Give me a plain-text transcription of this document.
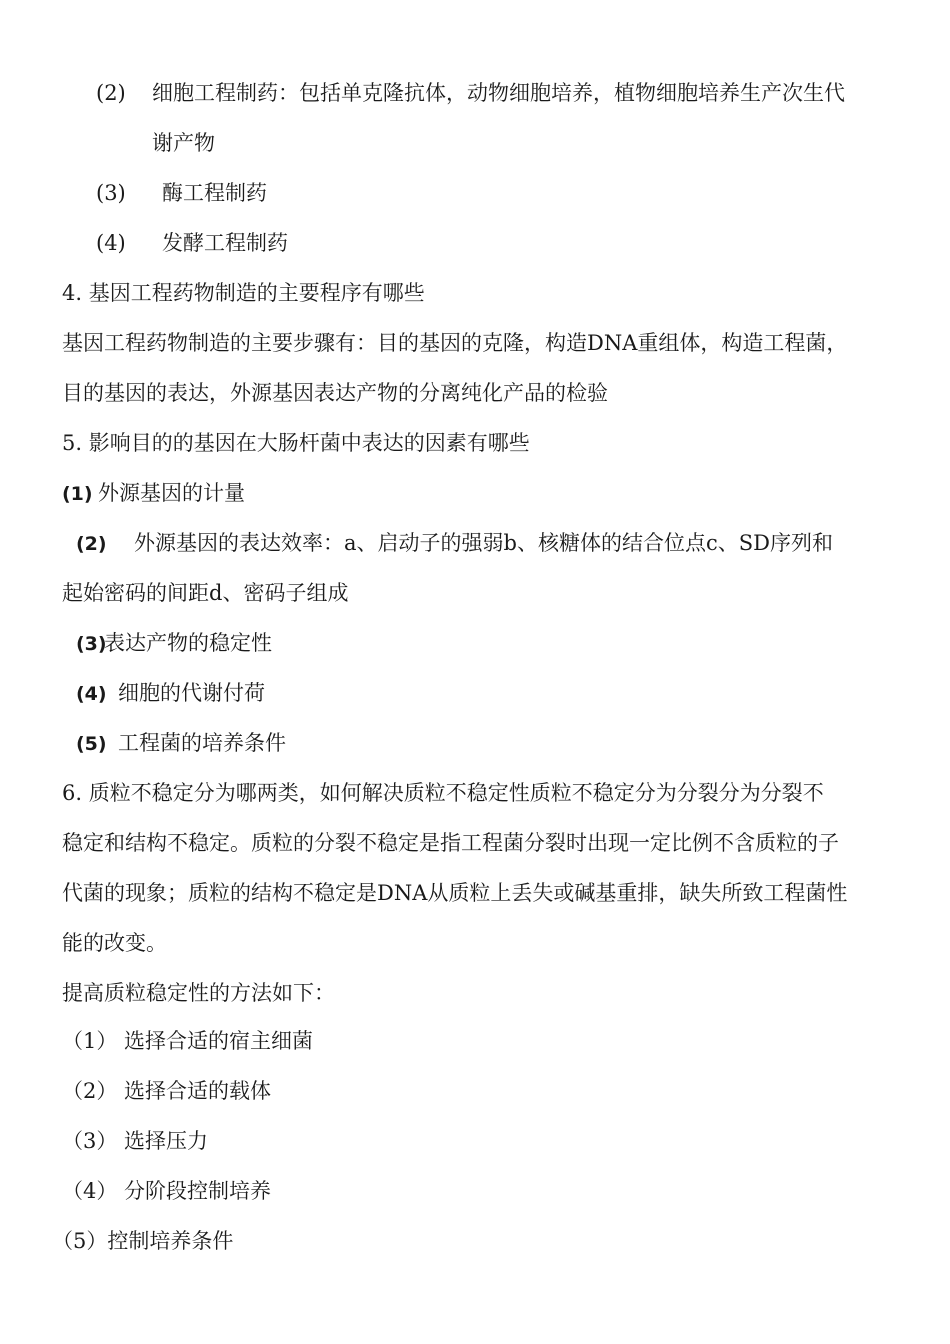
(2) 细胞工程制药：包括单克隆抗体，动物细胞培养，植物细胞培养生产次生代
谢产物
(3) 酶工程制药
(4) 发酵工程制药
4. 基因工程药物制造的主要程序有哪些
基因工程药物制造的主要步骤有：目的基因的克隆，构造DNA重组体，构造工程菌，
目的基因的表达，外源基因表达产物的分离纯化产品的检验
5. 影响目的的基因在大肠杆菌中表达的因素有哪些
(1) 外源基因的计量
(2) 外源基因的表达效率：a、启动子的强弱b、核糖体的结合位点c、SD序列和
起始密码的间距d、密码子组成
(3)表达产物的稳定性
(4) 细胞的代谢付荷
(5) 工程菌的培养条件
6. 质粒不稳定分为哪两类，如何解决质粒不稳定性质粒不稳定分为分裂分为分裂不
稳定和结构不稳定。质粒的分裂不稳定是指工程菌分裂时出现一定比例不含质粒的子
代菌的现象；质粒的结构不稳定是DNA从质粒上丢失或碱基重排，缺失所致工程菌性
能的改变。
提高质粒稳定性的方法如下：
（1） 选择合适的宿主细菌
（2） 选择合适的载体
（3） 选择压力
（4） 分阶段控制培养
（5）控制培养条件
